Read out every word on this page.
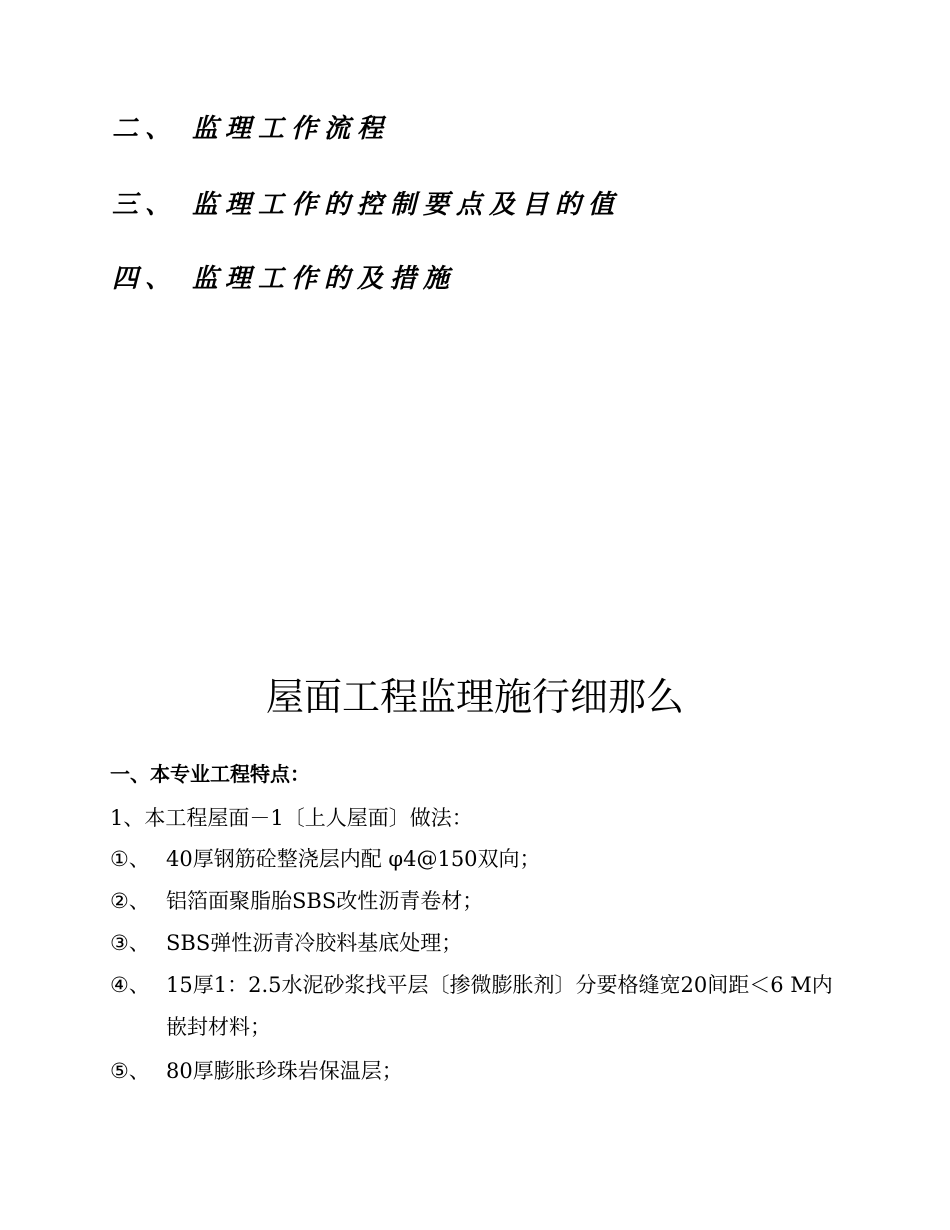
二、 监理工作流程
三、 监理工作的控制要点及目的值
四、 监理工作的及措施
屋面工程监理施行细那么
一、本专业工程特点：
1、本工程屋面－1〔上人屋面〕做法：
①、 40厚钢筋砼整浇层内配 φ4@150双向；
②、 铝箔面聚脂胎SBS改性沥青卷材；
③、 SBS弹性沥青冷胶料基底处理；
④、 15厚1：2.5水泥砂浆找平层〔掺微膨胀剂〕分要格缝宽20间距＜6 M内嵌封材料；
⑤、 80厚膨胀珍珠岩保温层；
